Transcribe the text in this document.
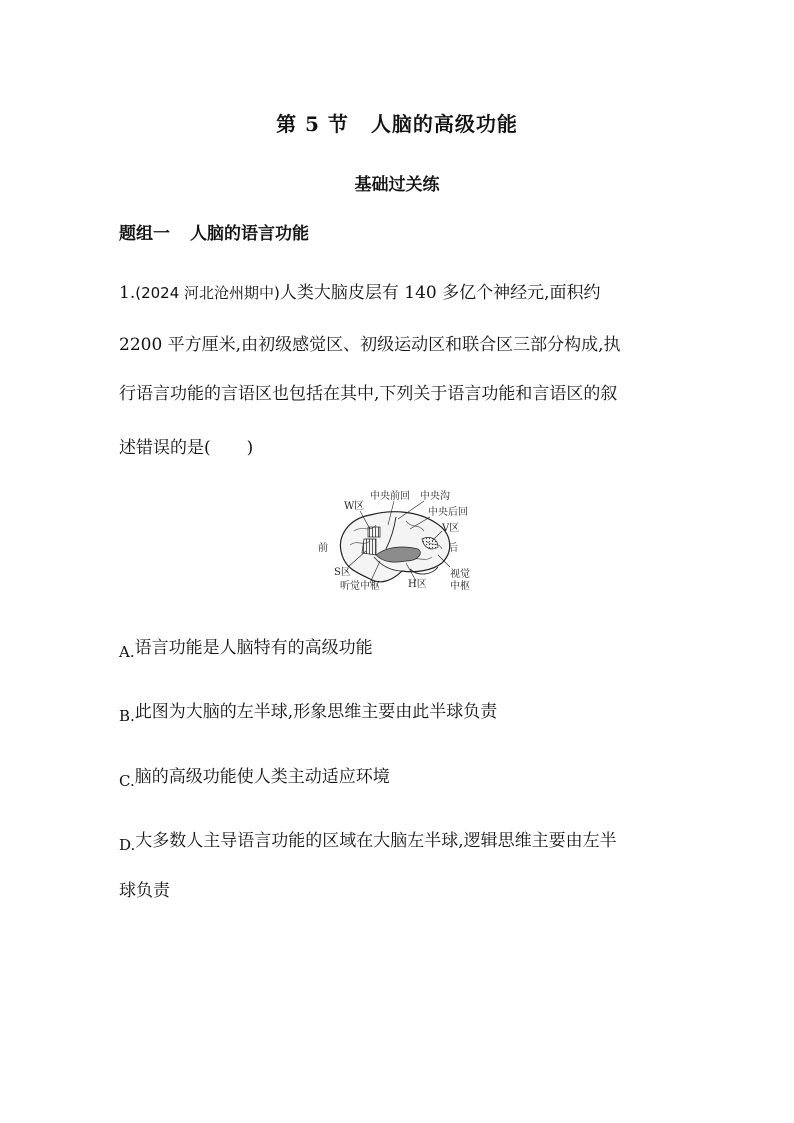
第 5 节 人脑的高级功能
基础过关练
题组一 人脑的语言功能
1.(2024 河北沧州期中)人类大脑皮层有 140 多亿个神经元,面积约
2200 平方厘米,由初级感觉区、初级运动区和联合区三部分构成,执
行语言功能的言语区也包括在其中,下列关于语言功能和言语区的叙
述错误的是( )
W区
中央前回 中央沟
中央后回
V区
前	后
S区
听觉中枢	H区
视觉
中枢
A.语言功能是人脑特有的高级功能
B.此图为大脑的左半球,形象思维主要由此半球负责
C.脑的高级功能使人类主动适应环境
D.大多数人主导语言功能的区域在大脑左半球,逻辑思维主要由左半
球负责
